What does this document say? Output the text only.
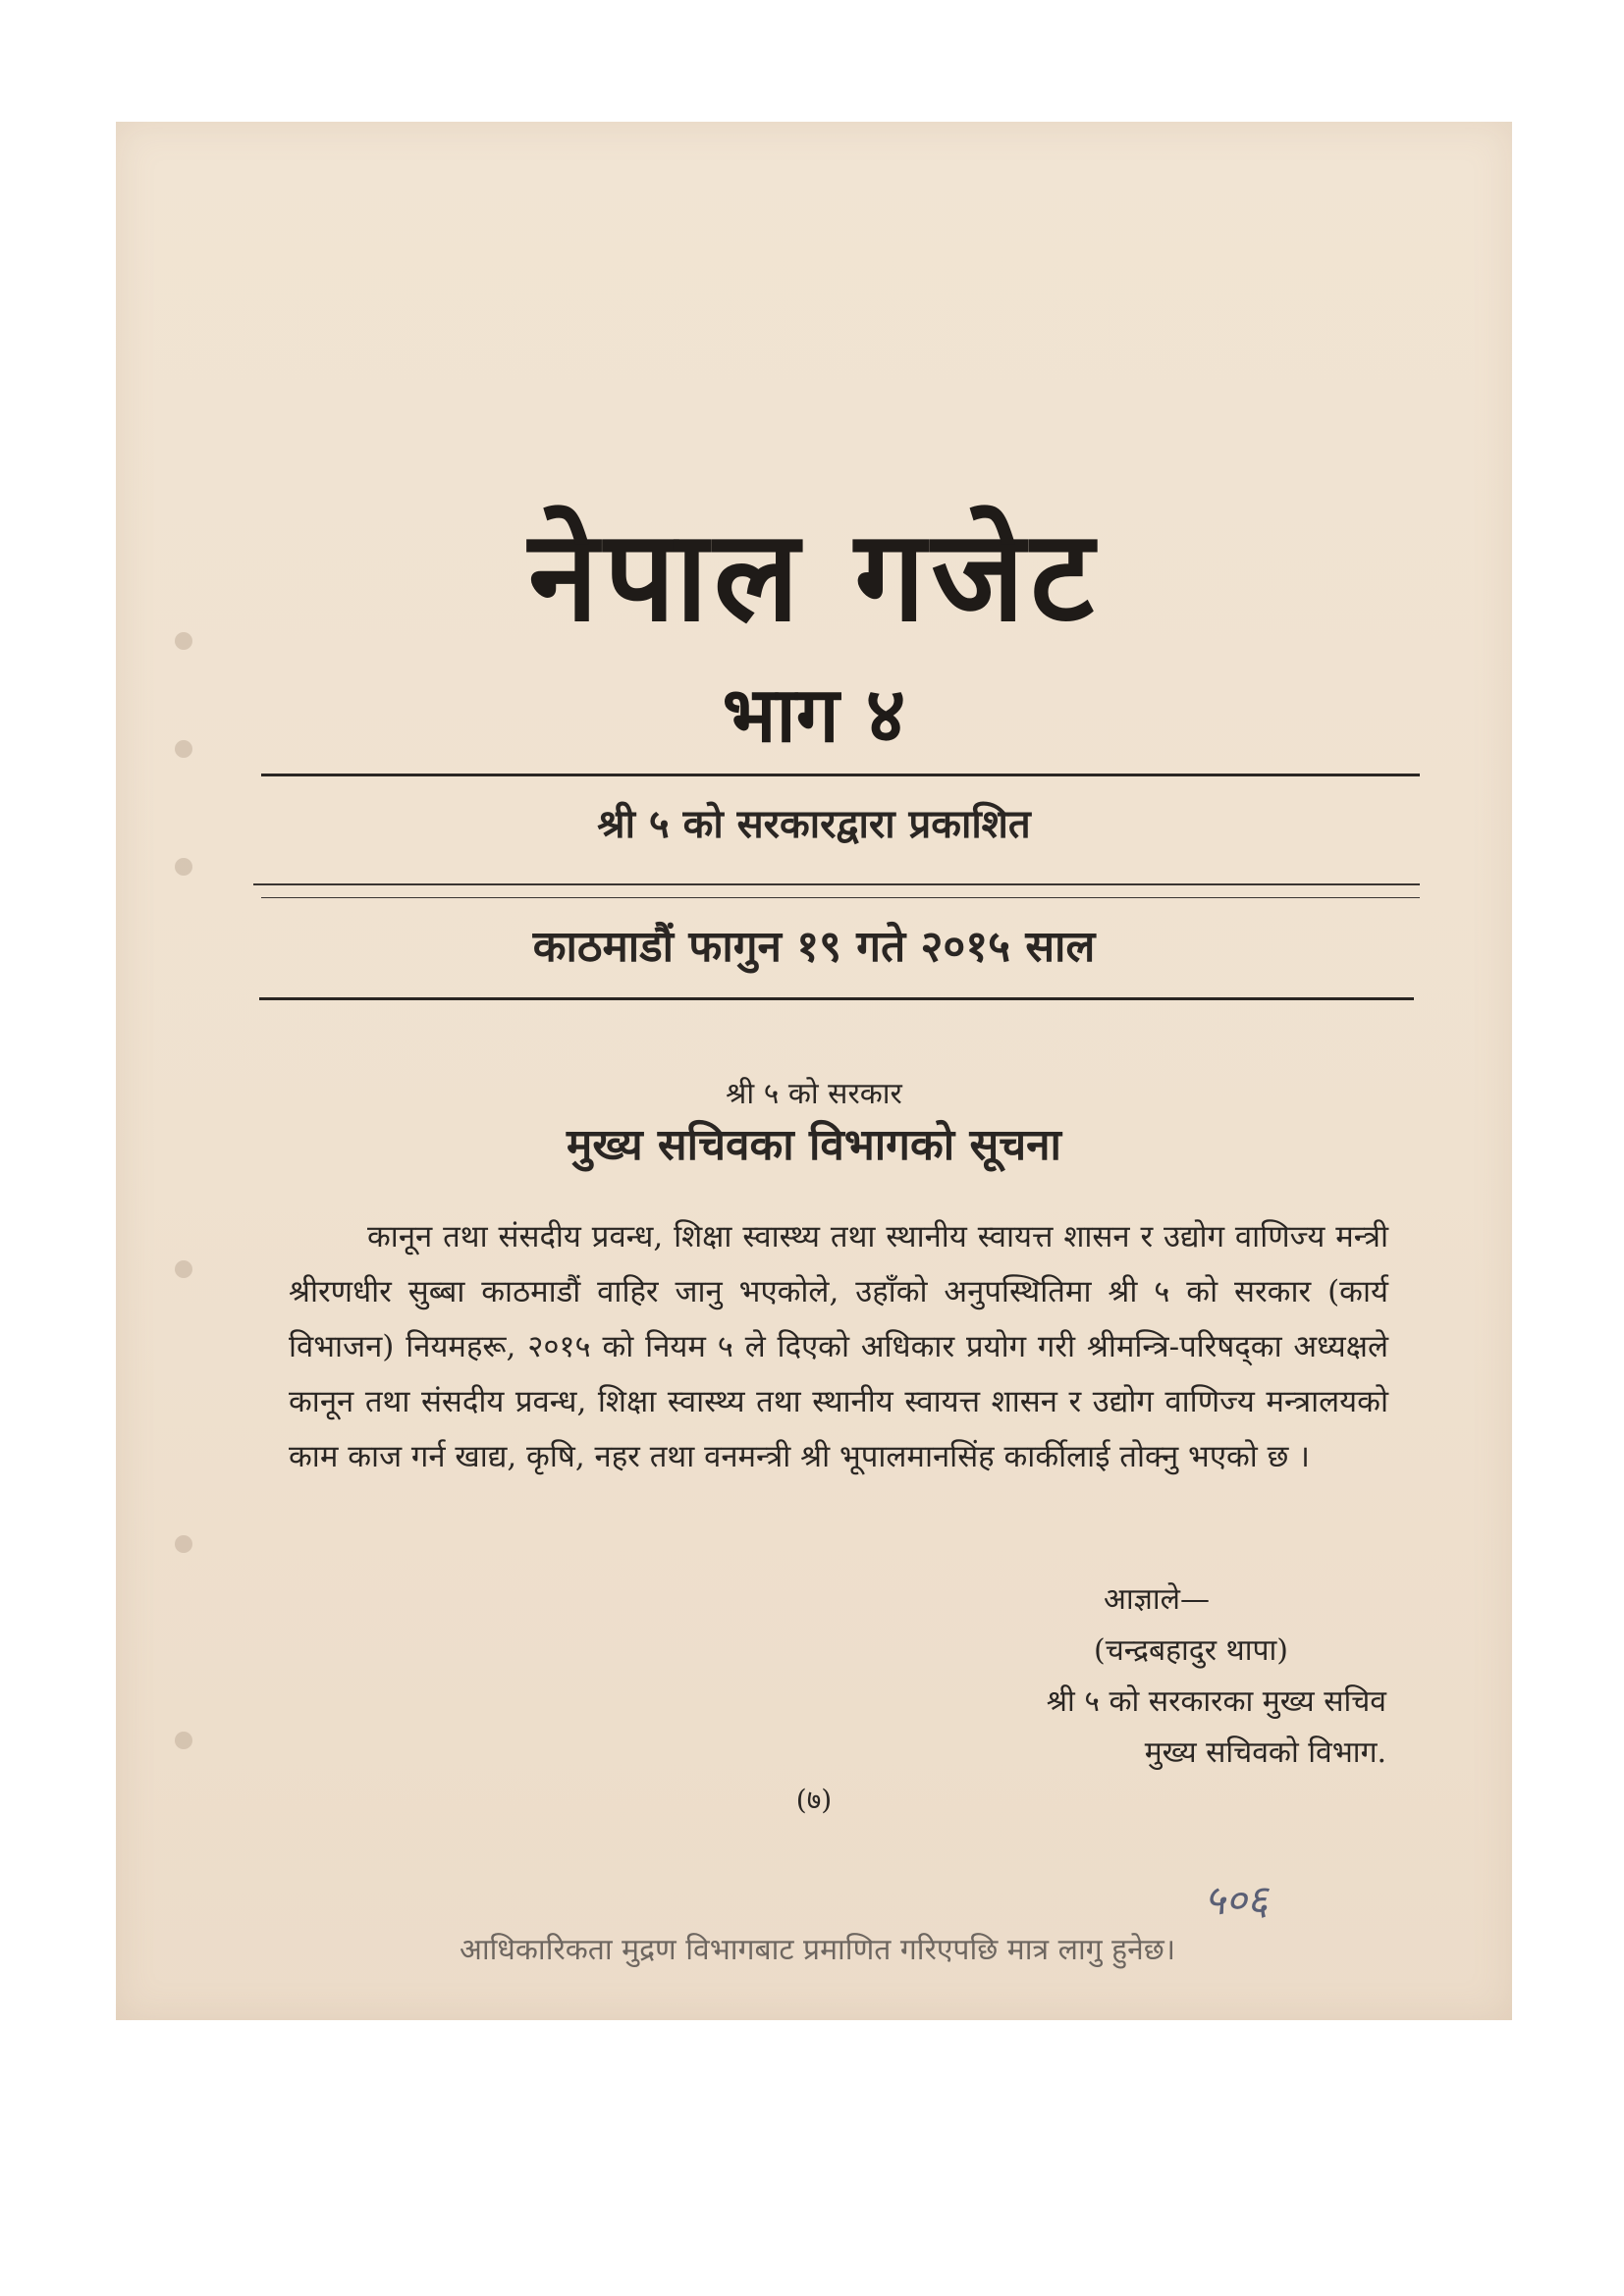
नेपाल गजेट
भाग ४
श्री ५ को सरकारद्वारा प्रकाशित
काठमाडौं फागुन १९ गते २०१५ साल
श्री ५ को सरकार
मुख्य सचिवका विभागको सूचना
कानून तथा संसदीय प्रवन्ध, शिक्षा स्वास्थ्य तथा स्थानीय स्वायत्त शासन र उद्योग वाणिज्य मन्त्री श्रीरणधीर सुब्बा काठमाडौं वाहिर जानु भएकोले, उहाँको अनुपस्थितिमा श्री ५ को सरकार (कार्य विभाजन) नियमहरू, २०१५ को नियम ५ ले दिएको अधिकार प्रयोग गरी श्रीमन्त्रि-परिषद्का अध्यक्षले कानून तथा संसदीय प्रवन्ध, शिक्षा स्वास्थ्य तथा स्थानीय स्वायत्त शासन र उद्योग वाणिज्य मन्त्रालयको काम काज गर्न खाद्य, कृषि, नहर तथा वनमन्त्री श्री भूपालमानसिंह कार्कीलाई तोक्नु भएको छ ।
आज्ञाले—
(चन्द्रबहादुर थापा)
श्री ५ को सरकारका मुख्य सचिव
मुख्य सचिवको विभाग.
(७)
५०६
आधिकारिकता मुद्रण विभागबाट प्रमाणित गरिएपछि मात्र लागु हुनेछ।
